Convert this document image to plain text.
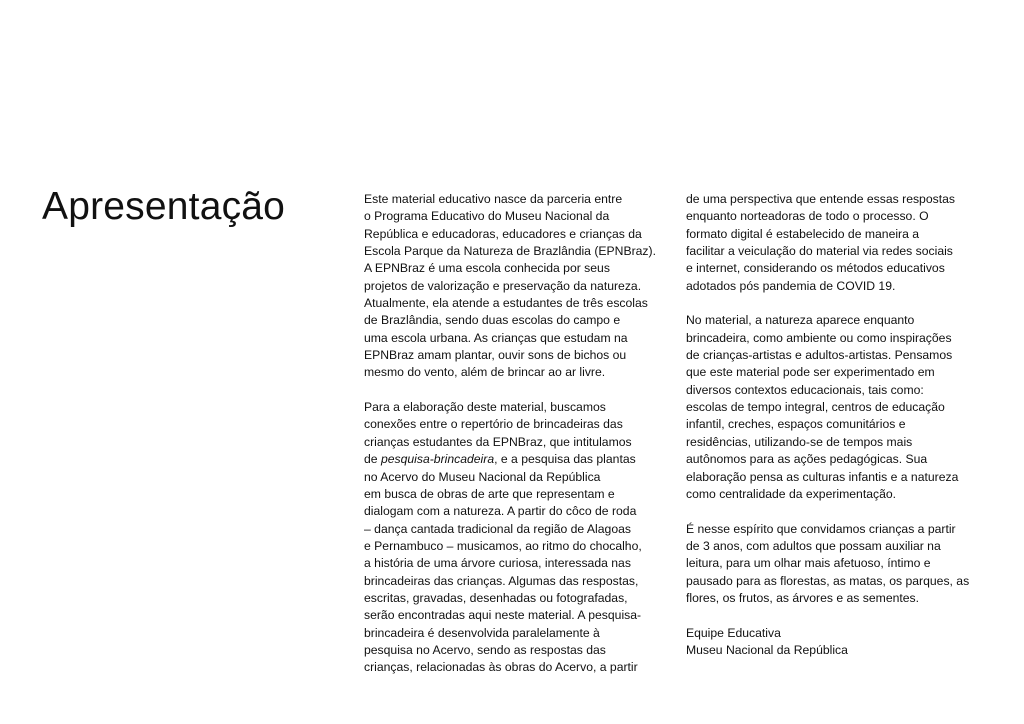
Apresentação	Este material educativo nasce da parceria entre
o Programa Educativo do Museu Nacional da
República e educadoras, educadores e crianças da
Escola Parque da Natureza de Brazlândia (EPNBraz).
A EPNBraz é uma escola conhecida por seus
projetos de valorização e preservação da natureza.
Atualmente, ela atende a estudantes de três escolas
de Brazlândia, sendo duas escolas do campo e
uma escola urbana. As crianças que estudam na
EPNBraz amam plantar, ouvir sons de bichos ou
mesmo do vento, além de brincar ao ar livre.
Para a elaboração deste material, buscamos
conexões entre o repertório de brincadeiras das
crianças estudantes da EPNBraz, que intitulamos
de pesquisa-brincadeira, e a pesquisa das plantas
no Acervo do Museu Nacional da República
em busca de obras de arte que representam e
dialogam com a natureza. A partir do côco de roda
– dança cantada tradicional da região de Alagoas
e Pernambuco – musicamos, ao ritmo do chocalho,
a história de uma árvore curiosa, interessada nas
brincadeiras das crianças. Algumas das respostas,
escritas, gravadas, desenhadas ou fotografadas,
serão encontradas aqui neste material. A pesquisa-
brincadeira é desenvolvida paralelamente à
pesquisa no Acervo, sendo as respostas das
crianças, relacionadas às obras do Acervo, a partir
de uma perspectiva que entende essas respostas
enquanto norteadoras de todo o processo. O
formato digital é estabelecido de maneira a
facilitar a veiculação do material via redes sociais
e internet, considerando os métodos educativos
adotados pós pandemia de COVID 19.
No material, a natureza aparece enquanto
brincadeira, como ambiente ou como inspirações
de crianças-artistas e adultos-artistas. Pensamos
que este material pode ser experimentado em
diversos contextos educacionais, tais como:
escolas de tempo integral, centros de educação
infantil, creches, espaços comunitários e
residências, utilizando-se de tempos mais
autônomos para as ações pedagógicas. Sua
elaboração pensa as culturas infantis e a natureza
como centralidade da experimentação.
É nesse espírito que convidamos crianças a partir
de 3 anos, com adultos que possam auxiliar na
leitura, para um olhar mais afetuoso, íntimo e
pausado para as florestas, as matas, os parques, as
flores, os frutos, as árvores e as sementes.
Equipe Educativa
Museu Nacional da República
